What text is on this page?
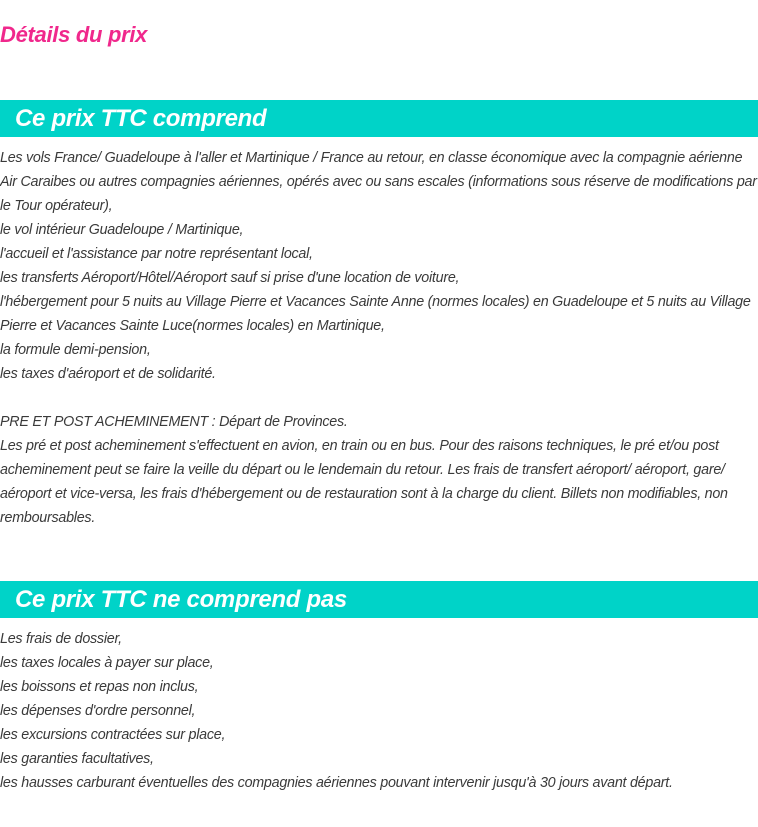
Détails du prix
Ce prix TTC comprend
Les vols France/ Guadeloupe à l'aller et Martinique / France au retour, en classe économique avec la compagnie aérienne Air Caraibes ou autres compagnies aériennes, opérés avec ou sans escales (informations sous réserve de modifications par le Tour opérateur),
le vol intérieur Guadeloupe / Martinique,
l'accueil et l'assistance par notre représentant local,
les transferts Aéroport/Hôtel/Aéroport sauf si prise d'une location de voiture,
l'hébergement pour 5 nuits au Village Pierre et Vacances Sainte Anne (normes locales) en Guadeloupe et 5 nuits au Village Pierre et Vacances Sainte Luce(normes locales) en Martinique,
la formule demi-pension,
les taxes d'aéroport et de solidarité.
PRE ET POST ACHEMINEMENT : Départ de Provinces.
Les pré et post acheminement s'effectuent en avion, en train ou en bus. Pour des raisons techniques, le pré et/ou post acheminement peut se faire la veille du départ ou le lendemain du retour. Les frais de transfert aéroport/ aéroport, gare/ aéroport et vice-versa, les frais d'hébergement ou de restauration sont à la charge du client. Billets non modifiables, non remboursables.
Ce prix TTC ne comprend pas
Les frais de dossier,
les taxes locales à payer sur place,
les boissons et repas non inclus,
les dépenses d'ordre personnel,
les excursions contractées sur place,
les garanties facultatives,
les hausses carburant éventuelles des compagnies aériennes pouvant intervenir jusqu'à 30 jours avant départ.
